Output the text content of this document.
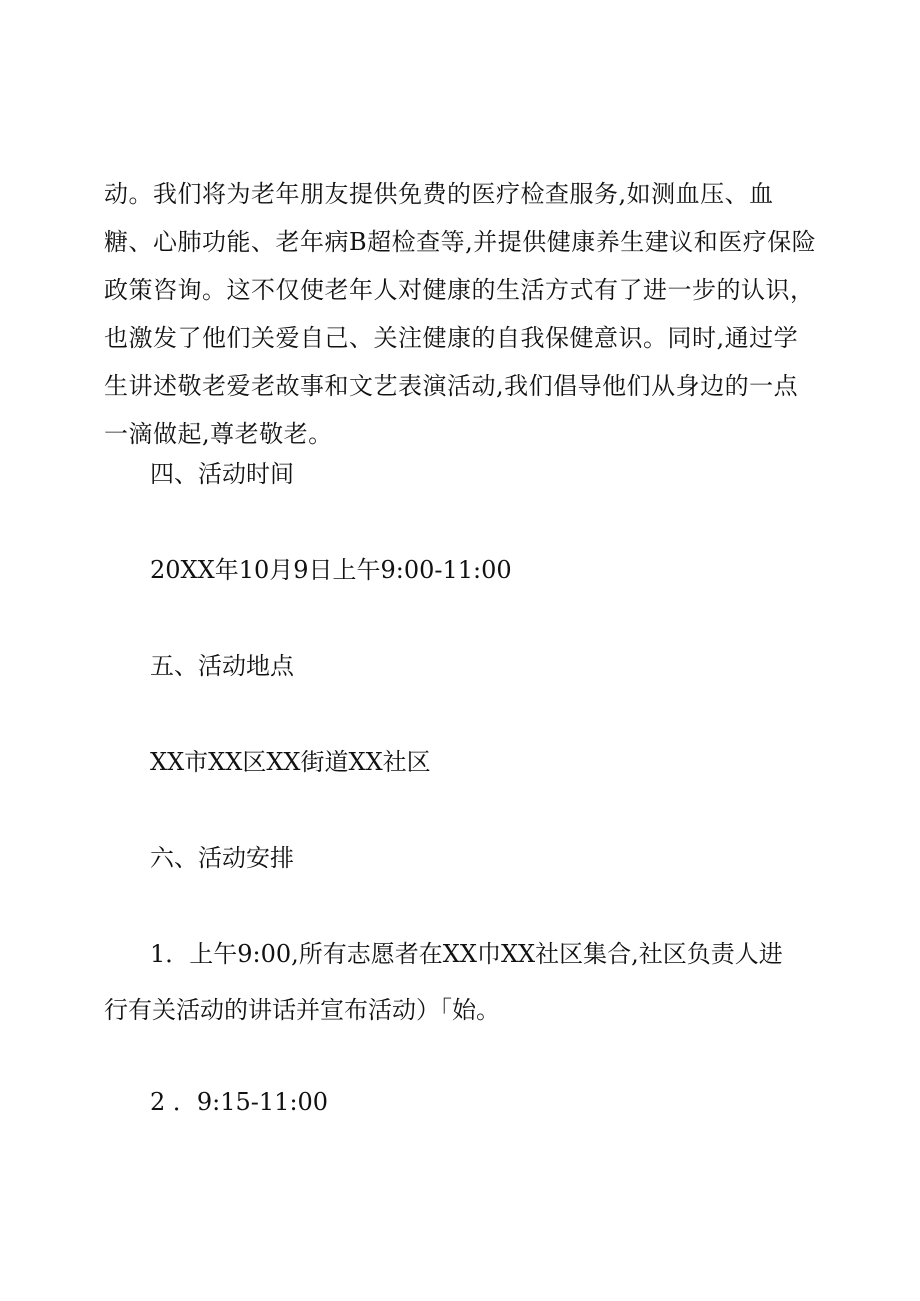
动。我们将为老年朋友提供免费的医疗检查服务,如测血压、血糖、心肺功能、老年病B超检查等,并提供健康养生建议和医疗保险政策咨询。这不仅使老年人对健康的生活方式有了进一步的认识，也激发了他们关爱自己、关注健康的自我保健意识。同时,通过学生讲述敬老爱老故事和文艺表演活动,我们倡导他们从身边的一点一滴做起,尊老敬老。

四、活动时间

20XX年10月9日上午9:00-11:00

五、活动地点

XX市XX区XX街道XX社区

六、活动安排

1．上午9:00,所有志愿者在XX巾XX社区集合,社区负责人进

行有关活动的讲话并宣布活动）「始。

2 ．9:15-11:00
